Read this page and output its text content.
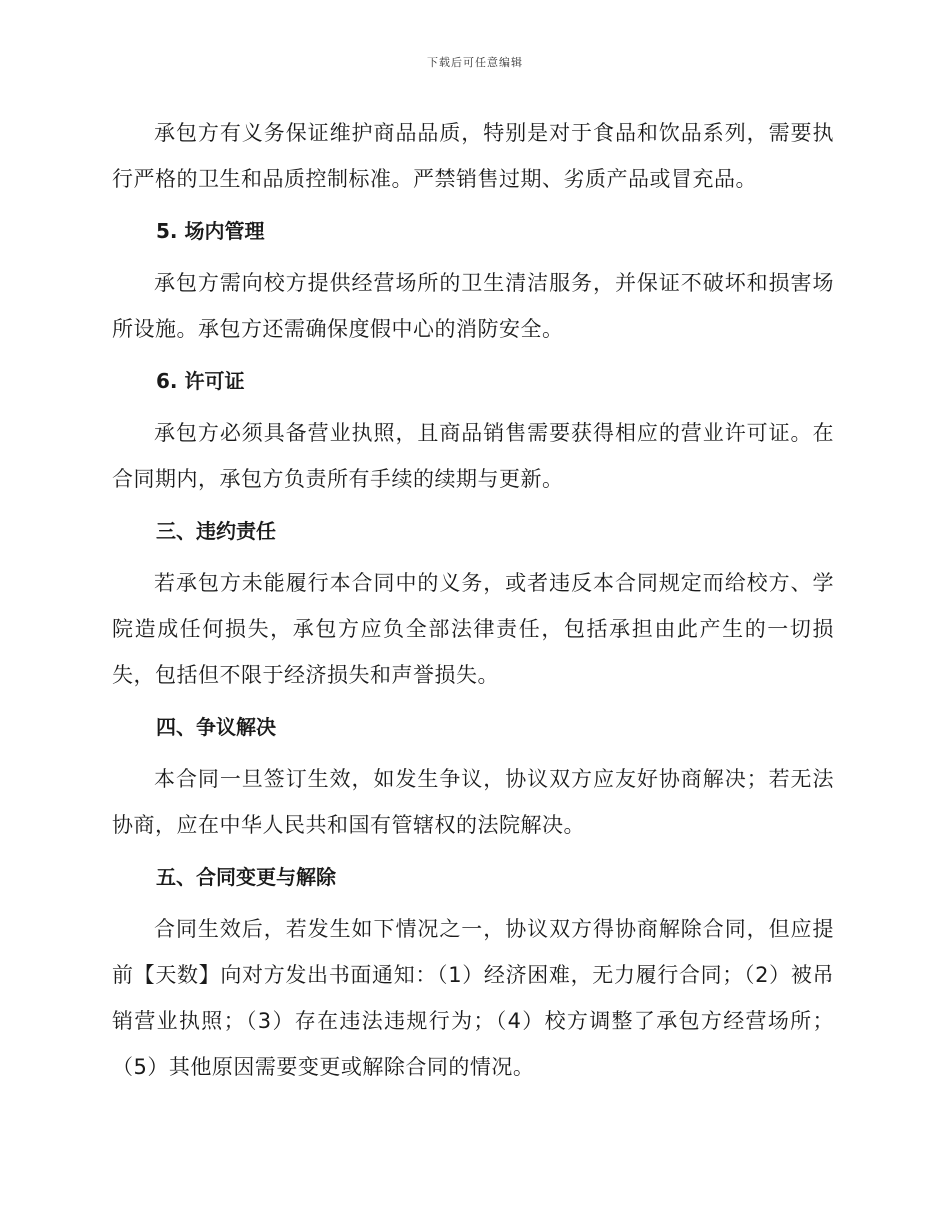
下载后可任意编辑

承包方有义务保证维护商品品质，特别是对于食品和饮品系列，需要执行严格的卫生和品质控制标准。严禁销售过期、劣质产品或冒充品。

5. 场内管理

承包方需向校方提供经营场所的卫生清洁服务，并保证不破坏和损害场所设施。承包方还需确保度假中心的消防安全。

6. 许可证

承包方必须具备营业执照，且商品销售需要获得相应的营业许可证。在合同期内，承包方负责所有手续的续期与更新。

三、违约责任

若承包方未能履行本合同中的义务，或者违反本合同规定而给校方、学院造成任何损失，承包方应负全部法律责任，包括承担由此产生的一切损失，包括但不限于经济损失和声誉损失。

四、争议解决

本合同一旦签订生效，如发生争议，协议双方应友好协商解决；若无法协商，应在中华人民共和国有管辖权的法院解决。

五、合同变更与解除

合同生效后，若发生如下情况之一，协议双方得协商解除合同，但应提前【天数】向对方发出书面通知：（1）经济困难，无力履行合同；（2）被吊销营业执照；（3）存在违法违规行为；（4）校方调整了承包方经营场所；（5）其他原因需要变更或解除合同的情况。
